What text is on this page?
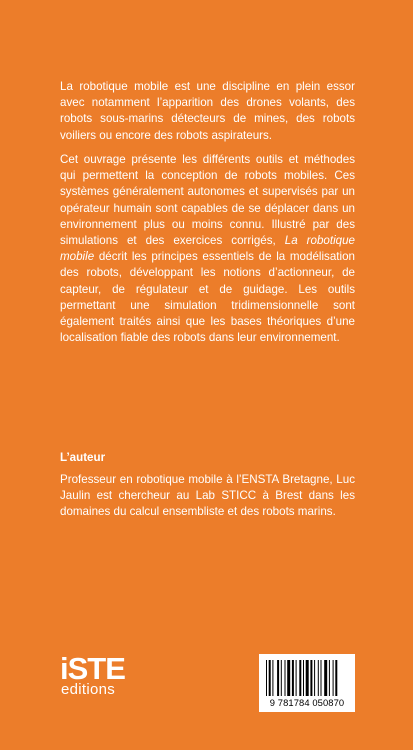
La robotique mobile est une discipline en plein essor avec notamment l’apparition des drones volants, des robots sous-marins détecteurs de mines, des robots voiliers ou encore des robots aspirateurs.
Cet ouvrage présente les différents outils et méthodes qui permettent la conception de robots mobiles. Ces systèmes généralement autonomes et supervisés par un opérateur humain sont capables de se déplacer dans un environnement plus ou moins connu. Illustré par des simulations et des exercices corrigés, La robotique mobile décrit les principes essentiels de la modélisation des robots, développant les notions d’actionneur, de capteur, de régulateur et de guidage. Les outils permettant une simulation tridimensionnelle sont également traités ainsi que les bases théoriques d’une localisation fiable des robots dans leur environnement.
L’auteur
Professeur en robotique mobile à l’ENSTA Bretagne, Luc Jaulin est chercheur au Lab STICC à Brest dans les domaines du calcul ensembliste et des robots marins.
iSTE
editions
9 781784 050870
